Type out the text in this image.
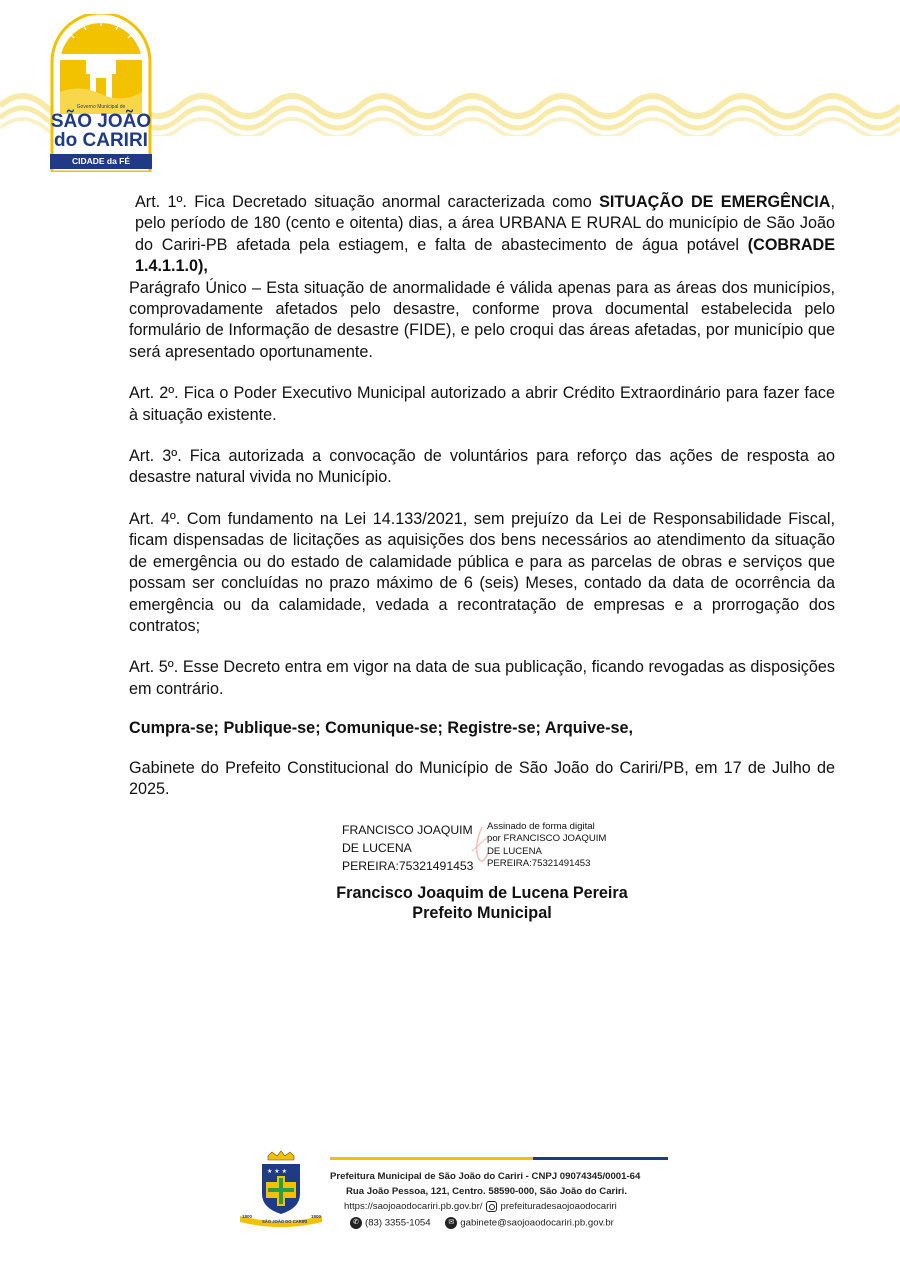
Governo Municipal de
SÃO JOÃO
do CARIRI
CIDADE da FÉ

Art. 1º. Fica Decretado situação anormal caracterizada como SITUAÇÃO DE EMERGÊNCIA, pelo período de 180 (cento e oitenta) dias, a área URBANA E RURAL do município de São João do Cariri-PB afetada pela estiagem, e falta de abastecimento de água potável (COBRADE 1.4.1.1.0),

Parágrafo Único – Esta situação de anormalidade é válida apenas para as áreas dos municípios, comprovadamente afetados pelo desastre, conforme prova documental estabelecida pelo formulário de Informação de desastre (FIDE), e pelo croqui das áreas afetadas, por município que será apresentado oportunamente.

Art. 2º. Fica o Poder Executivo Municipal autorizado a abrir Crédito Extraordinário para fazer face à situação existente.

Art. 3º. Fica autorizada a convocação de voluntários para reforço das ações de resposta ao desastre natural vivida no Município.

Art. 4º. Com fundamento na Lei 14.133/2021, sem prejuízo da Lei de Responsabilidade Fiscal, ficam dispensadas de licitações as aquisições dos bens necessários ao atendimento da situação de emergência ou do estado de calamidade pública e para as parcelas de obras e serviços que possam ser concluídas no prazo máximo de 6 (seis) Meses, contado da data de ocorrência da emergência ou da calamidade, vedada a recontratação de empresas e a prorrogação dos contratos;

Art. 5º. Esse Decreto entra em vigor na data de sua publicação, ficando revogadas as disposições em contrário.

Cumpra-se; Publique-se; Comunique-se; Registre-se; Arquive-se,

Gabinete do Prefeito Constitucional do Município de São João do Cariri/PB, em 17 de Julho de 2025.

FRANCISCO JOAQUIM
DE LUCENA
PEREIRA:75321491453
Assinado de forma digital
por FRANCISCO JOAQUIM
DE LUCENA
PEREIRA:75321491453
Francisco Joaquim de Lucena Pereira
Prefeito Municipal
★ ★ ★
1800
SÃO JOÃO DO CARIRI
1800
Prefeitura Municipal de São João do Cariri - CNPJ 09074345/0001-64
Rua João Pessoa, 121, Centro. 58590-000, São João do Cariri.
https://saojoaodocariri.pb.gov.br/ prefeituradesaojoaodocariri
✆ (83) 3355-1054	✉ gabinete@saojoaodocariri.pb.gov.br
